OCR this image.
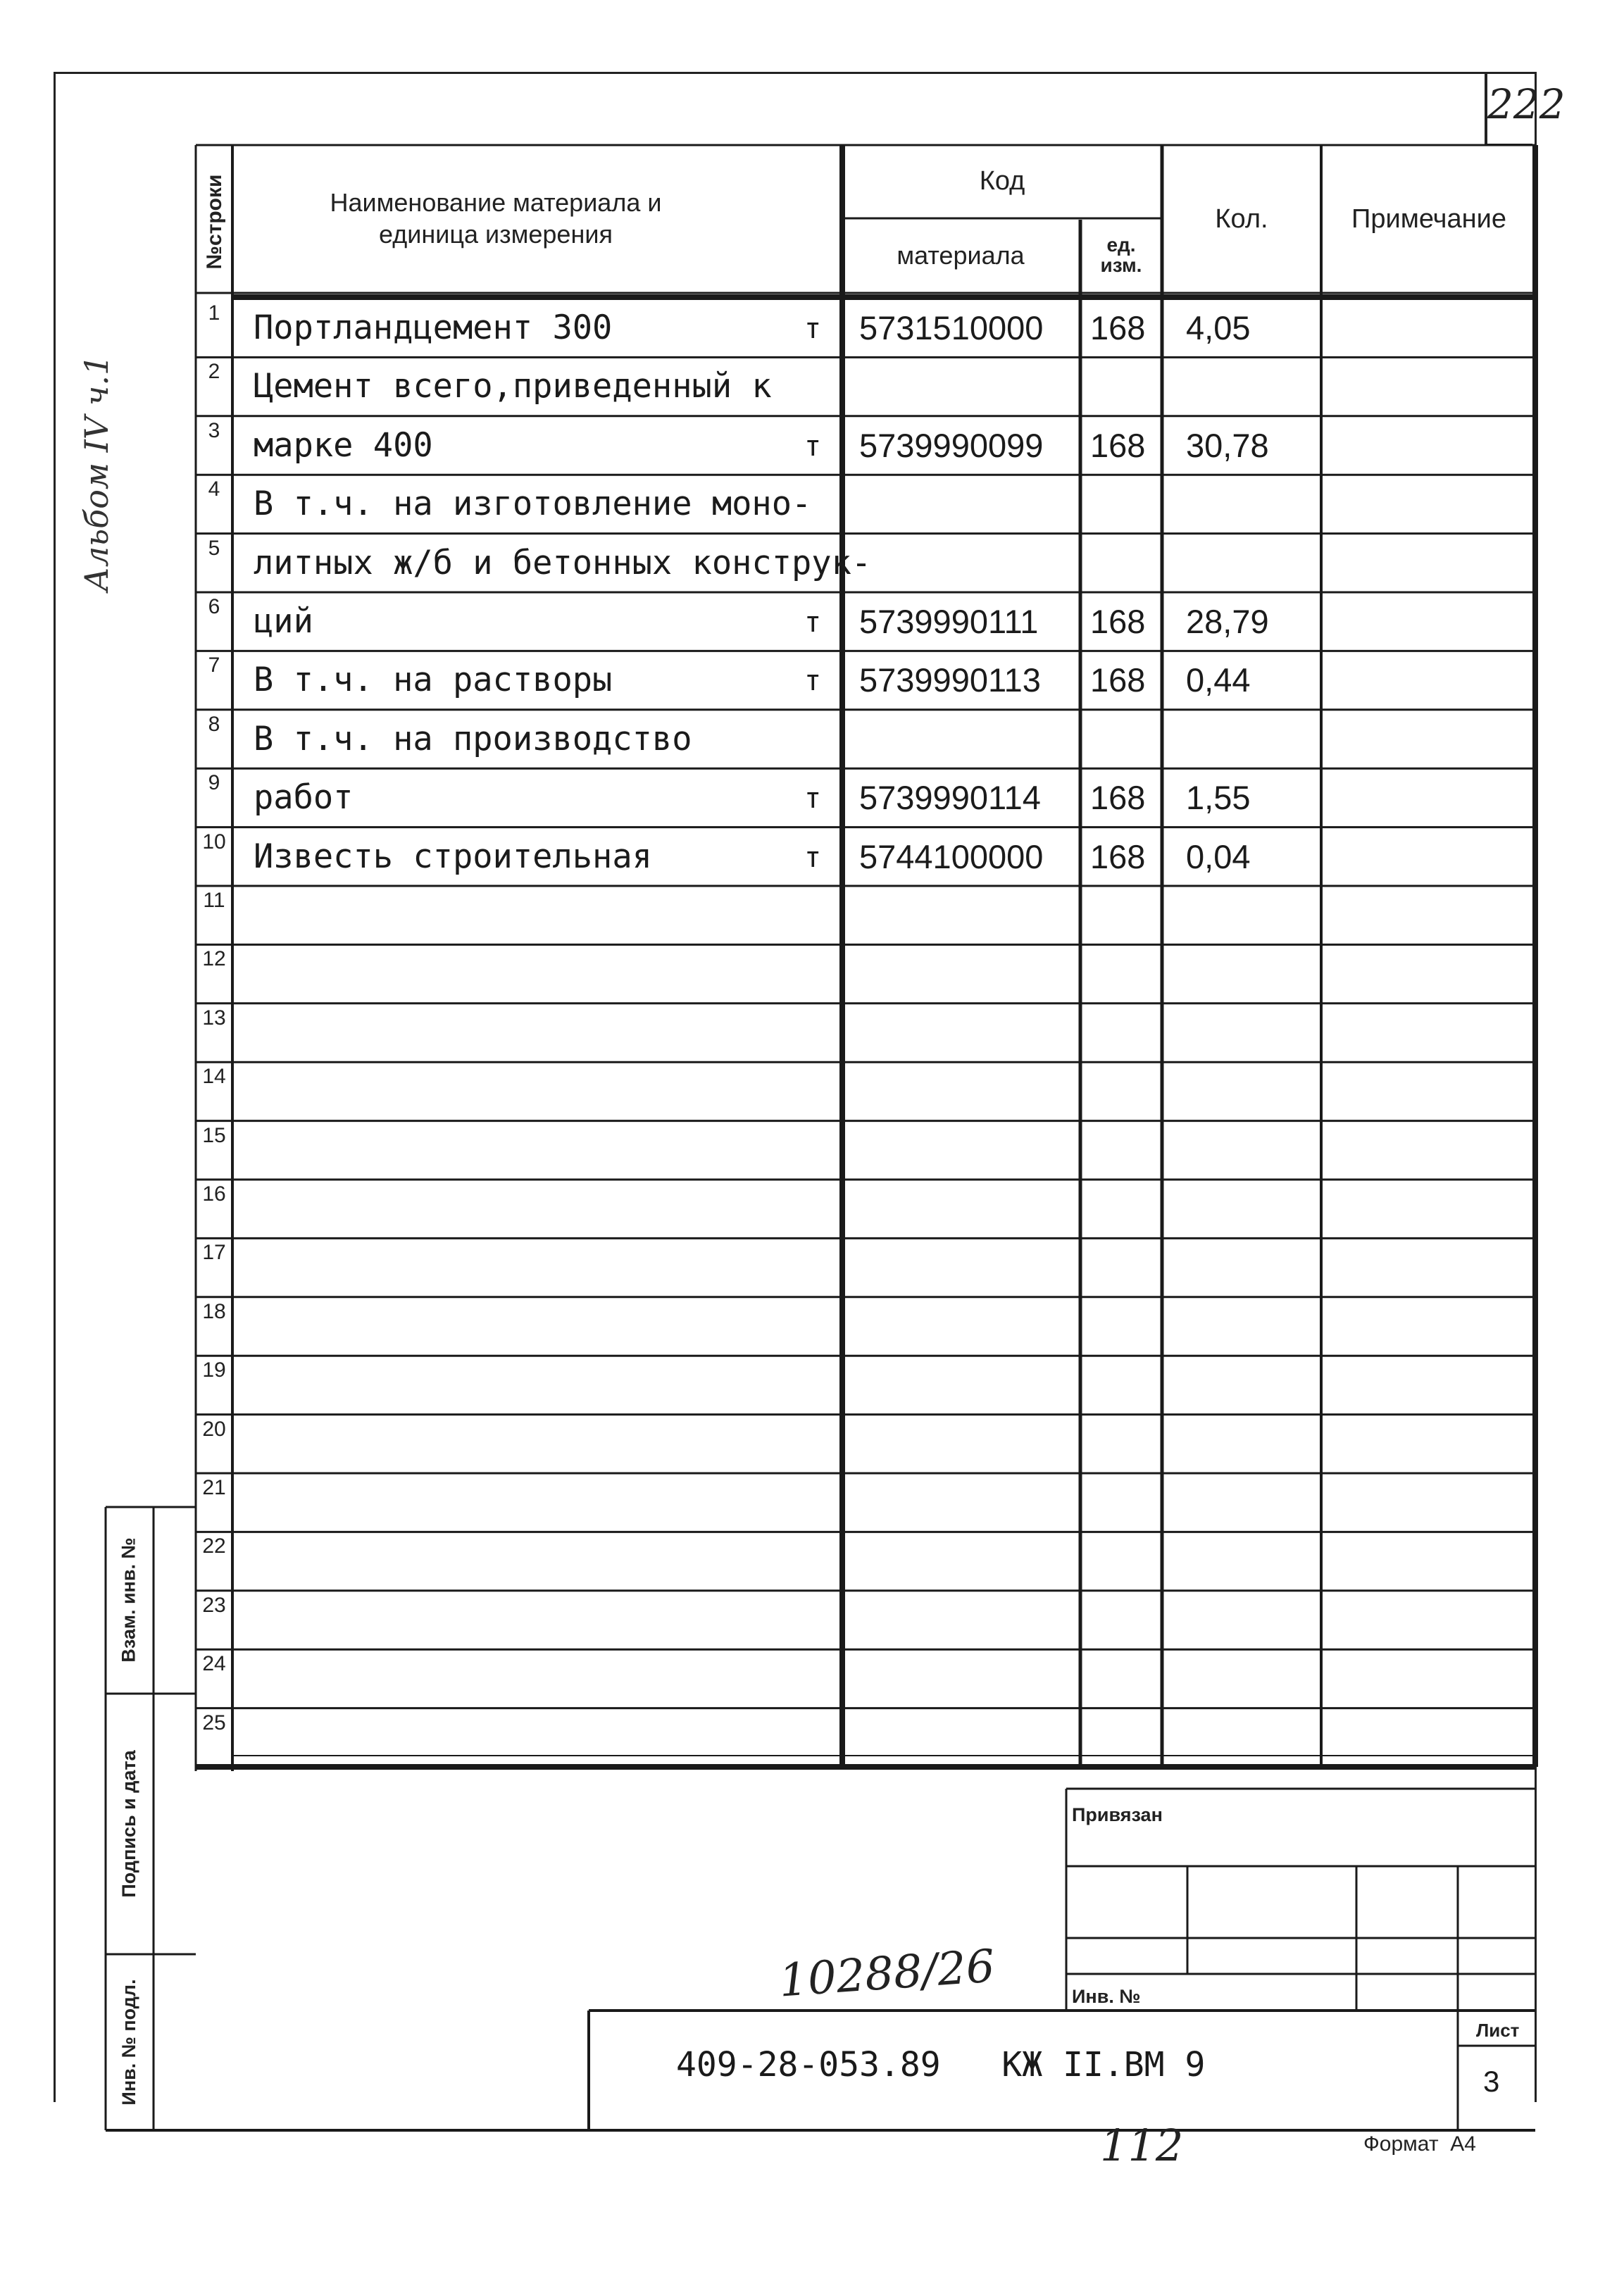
222
Альбом IV ч.1
№строки	Наименование материала и единица измерения
Код
материала	ед. изм.
Кол.	Примечание
1 Портландцемент 300	т 5731510000 168 4,05
2 Цемент всего,приведенный к
3 марке 400	т 5739990099 168 30,78
4 В т.ч. на изготовление моно-
5 литных ж/б и бетонных конструк-
6 ций	т 5739990111 168 28,79
7 В т.ч. на растворы	т 5739990113 168 0,44
8 В т.ч. на производство
9 работ	т 5739990114 168 1,55
10 Известь строительная	т 5744100000 168 0,04
11
12
13
14
15
16
17
18
19
20
21
22
23
24
25
Взам. инв. №
Подпись и дата
Инв. № подл.
Привязан
Инв. №
409-28-053.89   КЖ II.ВМ 9
Лист
3
10288/26
112	Формат  А4
